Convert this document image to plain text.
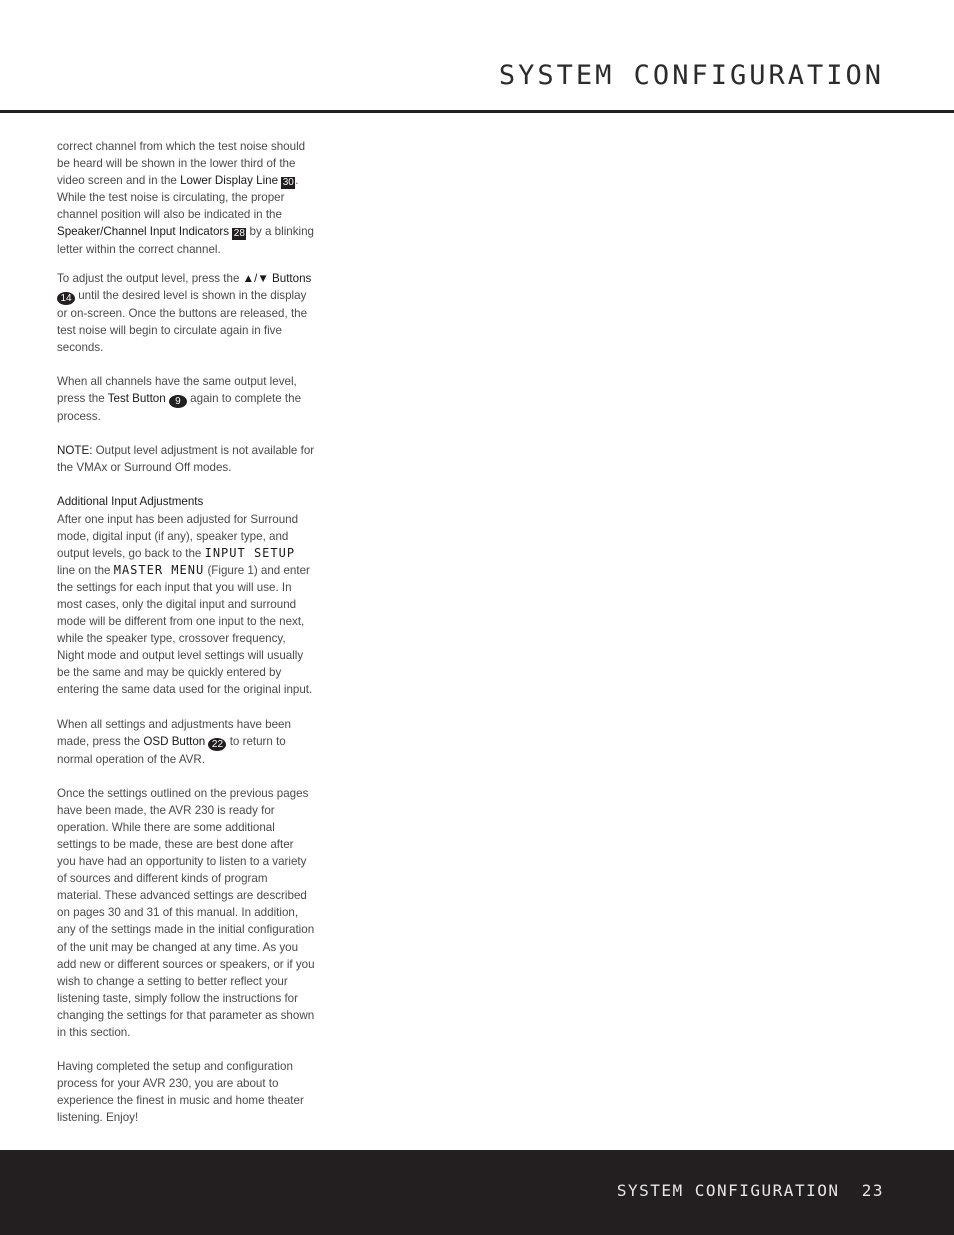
SYSTEM CONFIGURATION

correct channel from which the test noise should be heard will be shown in the lower third of the video screen and in the Lower Display Line 30. While the test noise is circulating, the proper channel position will also be indicated in the Speaker/Channel Input Indicators 28 by a blinking letter within the correct channel.

To adjust the output level, press the ▲/▼ Buttons 14 until the desired level is shown in the display or on-screen. Once the buttons are released, the test noise will begin to circulate again in five seconds.

When all channels have the same output level, press the Test Button 9 again to complete the process.

NOTE: Output level adjustment is not available for the VMAx or Surround Off modes.

Additional Input Adjustments
After one input has been adjusted for Surround mode, digital input (if any), speaker type, and output levels, go back to the INPUT SETUP line on the MASTER MENU (Figure 1) and enter the settings for each input that you will use. In most cases, only the digital input and surround mode will be different from one input to the next, while the speaker type, crossover frequency, Night mode and output level settings will usually be the same and may be quickly entered by entering the same data used for the original input.

When all settings and adjustments have been made, press the OSD Button 22 to return to normal operation of the AVR.

Once the settings outlined on the previous pages have been made, the AVR 230 is ready for operation. While there are some additional settings to be made, these are best done after you have had an opportunity to listen to a variety of sources and different kinds of program material. These advanced settings are described on pages 30 and 31 of this manual. In addition, any of the settings made in the initial configuration of the unit may be changed at any time. As you add new or different sources or speakers, or if you wish to change a setting to better reflect your listening taste, simply follow the instructions for changing the settings for that parameter as shown in this section.

Having completed the setup and configuration process for your AVR 230, you are about to experience the finest in music and home theater listening. Enjoy!

SYSTEM CONFIGURATION 23
